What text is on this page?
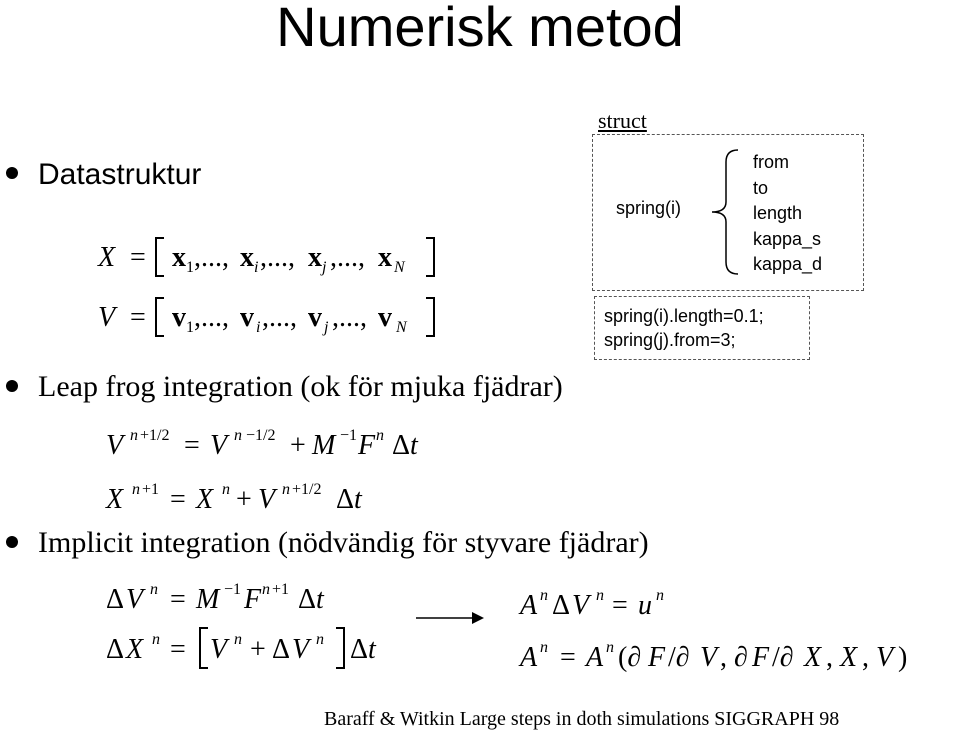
Numerisk metod
Datastruktur
X = x 1 ,..., x i ,..., x j ,..., x N
V = v 1 ,..., v i ,..., v j ,..., v N
struct
spring(i)
from
to
length
kappa_s
kappa_d
spring(i).length=0.1;
spring(j).from=3;
Leap frog integration (ok för mjuka fjädrar)
V n +1/2 = V n −1/2 + M −1 F n Δ t
X n +1 = X n + V n +1/2 Δ t
Implicit integration (nödvändig för styvare fjädrar)
Δ V n = M −1 F n +1 Δ t
Δ X n = V n + Δ V n Δ t
A n Δ V n = u n
A n = A n (∂ F /∂ V , ∂ F /∂ X , X , V )
Baraff & Witkin Large steps in doth simulations SIGGRAPH 98
